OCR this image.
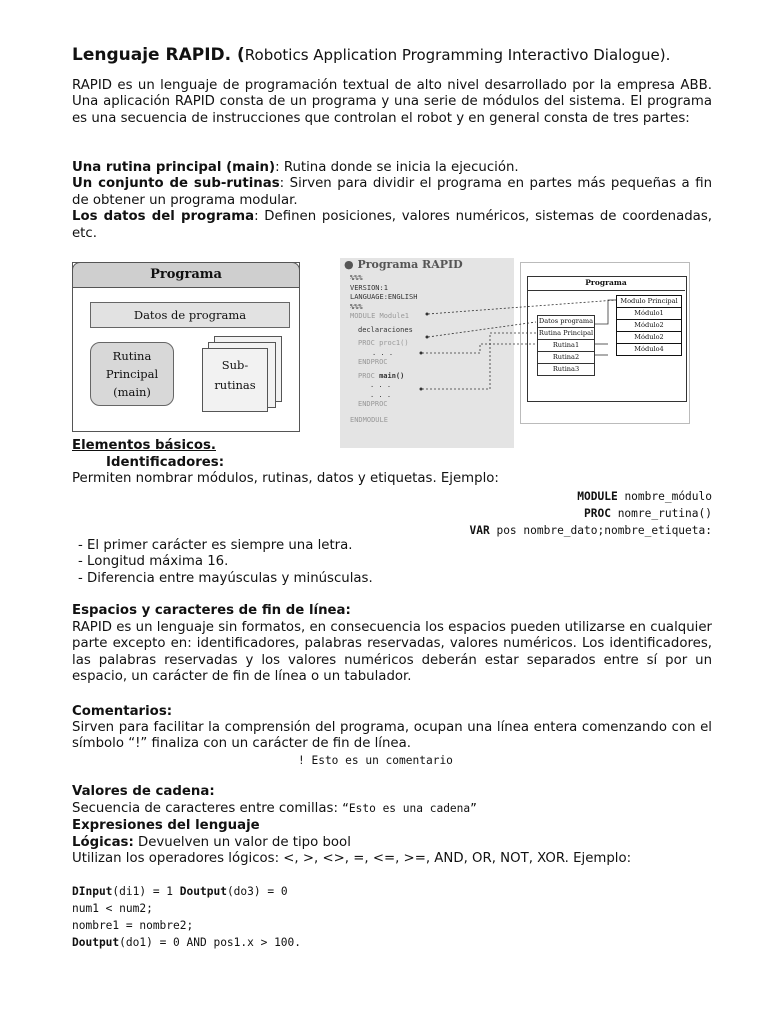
Lenguaje RAPID. (Robotics Application Programming Interactivo Dialogue).
RAPID es un lenguaje de programación textual de alto nivel desarrollado por la empresa ABB. Una aplicación RAPID consta de un programa y una serie de módulos del sistema. El programa es una secuencia de instrucciones que controlan el robot y en general consta de tres partes:
Una rutina principal (main): Rutina donde se inicia la ejecución.
Un conjunto de sub-rutinas: Sirven para dividir el programa en partes más pequeñas a fin de obtener un programa modular.
Los datos del programa: Definen posiciones, valores numéricos, sistemas de coordenadas, etc.
Programa
Datos de programa
Rutina
Principal
(main)
Sub-
rutinas
● Programa RAPID
%%%
VERSION:1
LANGUAGE:ENGLISH
%%%
MODULE Module1
declaraciones
PROC proc1()
. . .
ENDPROC
PROC main()
. . .
. . .
ENDPROC
ENDMODULE
Programa
Datos programa
Rutina Principal
Rutina1
Rutina2
Rutina3
Modulo Principal
Módulo1
Módulo2
Módulo2
Módulo4
Elementos básicos.
Identificadores:
Permiten nombrar módulos, rutinas, datos y etiquetas. Ejemplo:
MODULE nombre_módulo
PROC nomre_rutina()
VAR pos nombre_dato;nombre_etiqueta:
- El primer carácter es siempre una letra.
- Longitud máxima 16.
- Diferencia entre mayúsculas y minúsculas.
Espacios y caracteres de fin de línea:
RAPID es un lenguaje sin formatos, en consecuencia los espacios pueden utilizarse en cualquier parte excepto en: identificadores, palabras reservadas, valores numéricos. Los identificadores, las palabras reservadas y los valores numéricos deberán estar separados entre sí por un espacio, un carácter de fin de línea o un tabulador.
Comentarios:
Sirven para facilitar la comprensión del programa, ocupan una línea entera comenzando con el símbolo “!” finaliza con un carácter de fin de línea.
! Esto es un comentario
Valores de cadena:
Secuencia de caracteres entre comillas: “Esto es una cadena”
Expresiones del lenguaje
Lógicas: Devuelven un valor de tipo bool
Utilizan los operadores lógicos: <, >, <>, =, <=, >=, AND, OR, NOT, XOR. Ejemplo:
DInput(di1) = 1 Doutput(do3) = 0
num1 < num2;
nombre1 = nombre2;
Doutput(do1) = 0 AND pos1.x > 100.
